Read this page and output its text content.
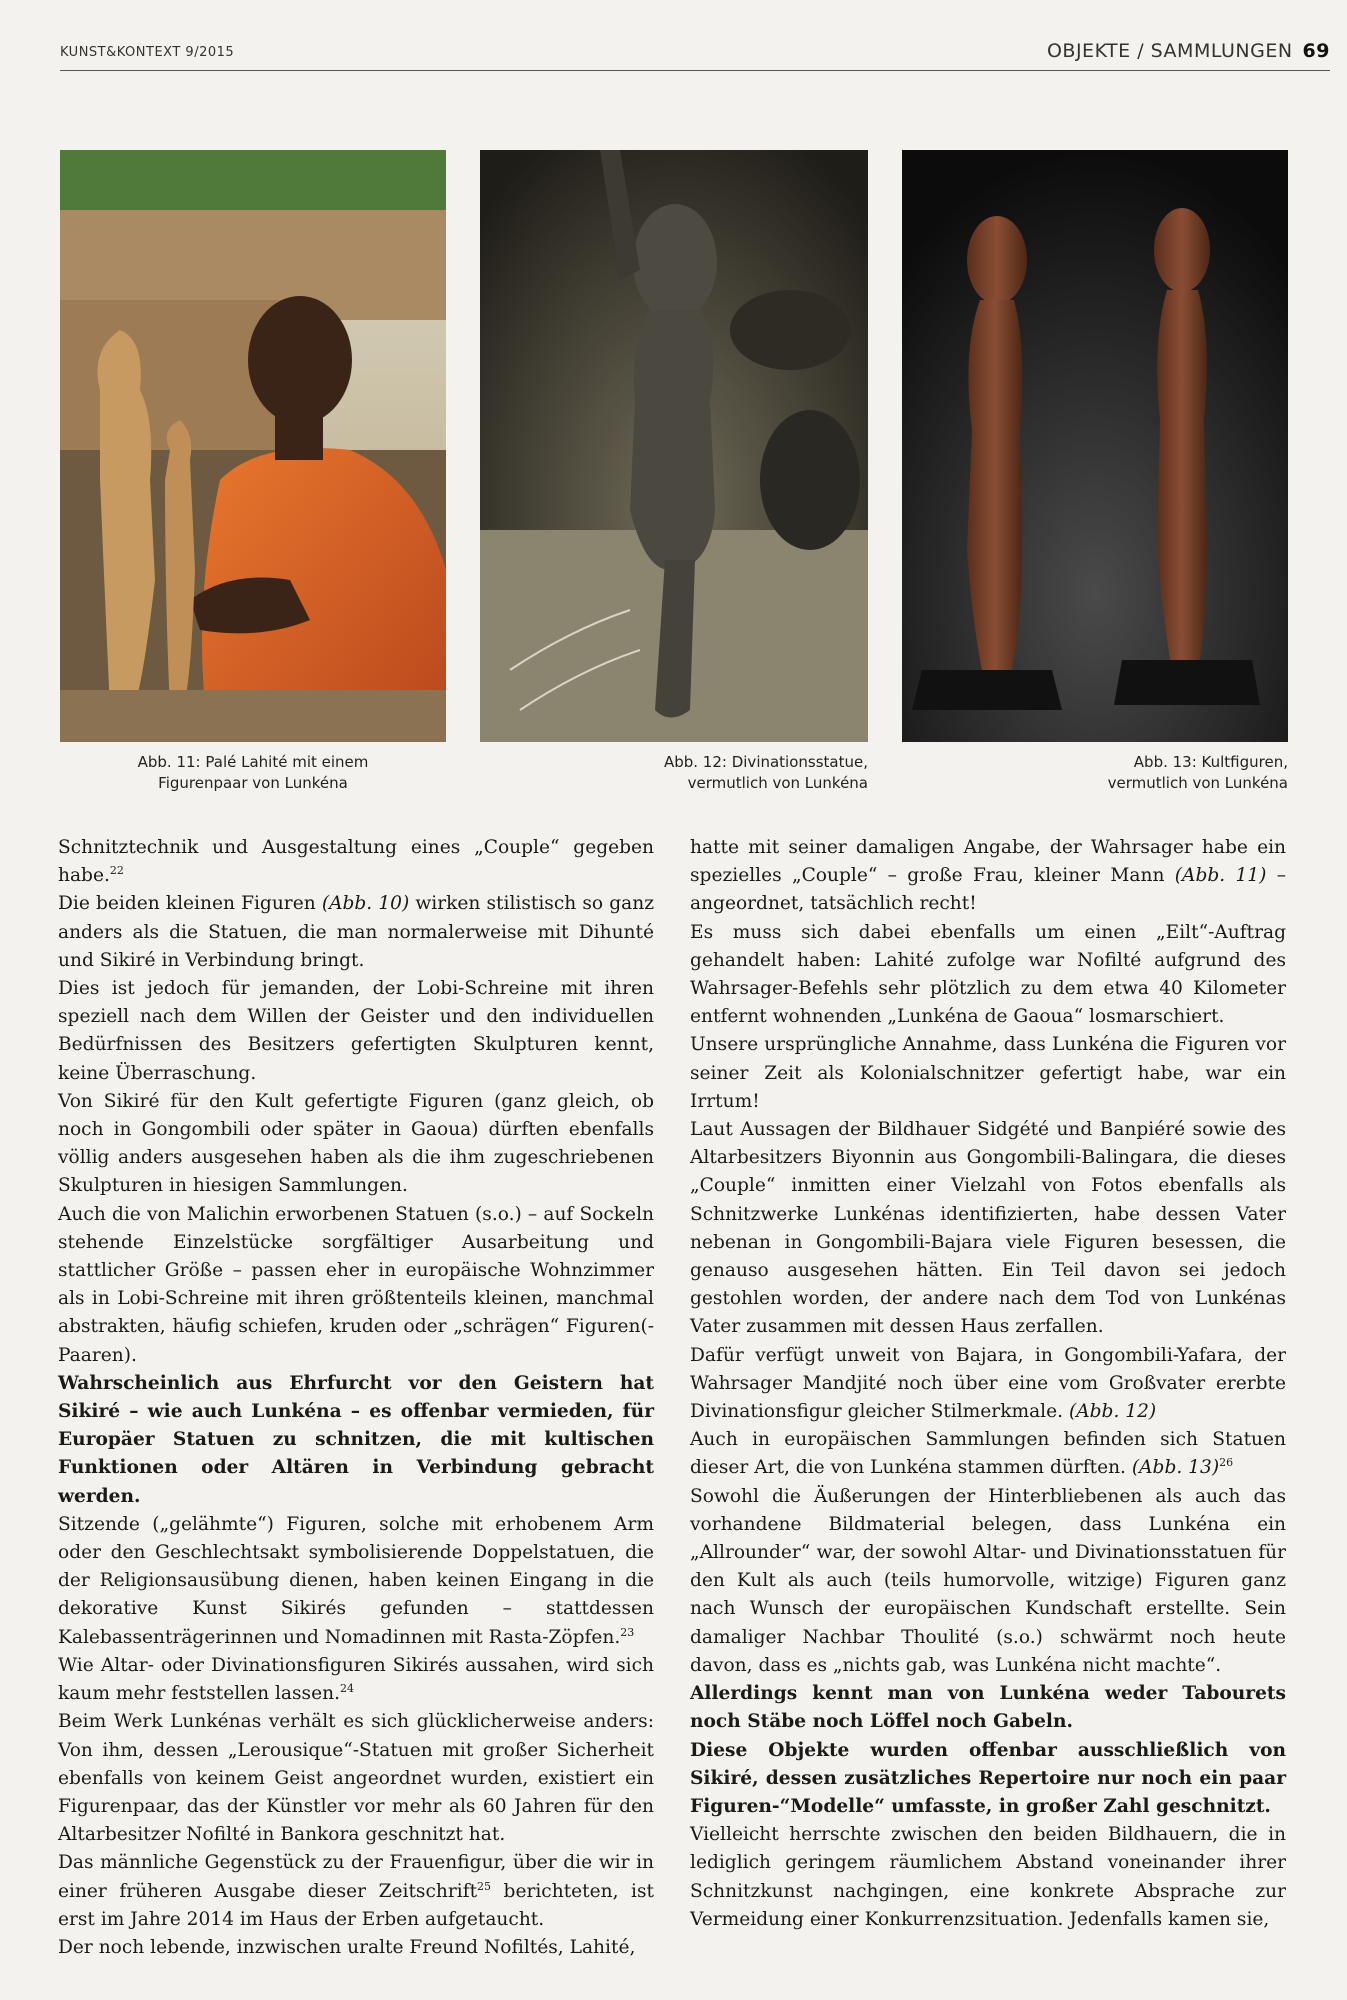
KUNST&KONTEXT 9/2015	OBJEKTE / SAMMLUNGEN 69
Abb. 11: Palé Lahité mit einem
Figurenpaar von Lunkéna
Abb. 12: Divinationsstatue,
vermutlich von Lunkéna
Abb. 13: Kultfiguren,
vermutlich von Lunkéna

Schnitztechnik und Ausgestaltung eines „Couple“ gegeben habe.$^{22}$

Die beiden kleinen Figuren (Abb. 10) wirken stilistisch so ganz anders als die Statuen, die man normalerweise mit Dihunté und Sikiré in Verbindung bringt.

Dies ist jedoch für jemanden, der Lobi-Schreine mit ihren speziell nach dem Willen der Geister und den individuellen Bedürfnissen des Besitzers gefertigten Skulpturen kennt, keine Überraschung.

Von Sikiré für den Kult gefertigte Figuren (ganz gleich, ob noch in Gongombili oder später in Gaoua) dürften ebenfalls völlig anders ausgesehen haben als die ihm zugeschriebenen Skulpturen in hiesigen Sammlungen.

Auch die von Malichin erworbenen Statuen (s.o.) – auf Sockeln stehende Einzelstücke sorgfältiger Ausarbeitung und stattlicher Größe – passen eher in europäische Wohnzimmer als in Lobi-Schreine mit ihren größtenteils kleinen, manchmal abstrakten, häufig schiefen, kruden oder „schrägen“ Figuren(-Paaren).

Wahrscheinlich aus Ehrfurcht vor den Geistern hat Sikiré – wie auch Lunkéna – es offenbar vermieden, für Europäer Statuen zu schnitzen, die mit kultischen Funktionen oder Altären in Verbindung gebracht werden.

Sitzende („gelähmte“) Figuren, solche mit erhobenem Arm oder den Geschlechtsakt symbolisierende Doppelstatuen, die der Religionsausübung dienen, haben keinen Eingang in die dekorative Kunst Sikirés gefunden – stattdessen Kalebassenträgerinnen und Nomadinnen mit Rasta-Zöpfen.$^{23}$

Wie Altar- oder Divinationsfiguren Sikirés aussahen, wird sich kaum mehr feststellen lassen.$^{24}$

Beim Werk Lunkénas verhält es sich glücklicherweise anders: Von ihm, dessen „Lerousique“-Statuen mit großer Sicherheit ebenfalls von keinem Geist angeordnet wurden, existiert ein Figurenpaar, das der Künstler vor mehr als 60 Jahren für den Altarbesitzer Nofilté in Bankora geschnitzt hat.

Das männliche Gegenstück zu der Frauenfigur, über die wir in einer früheren Ausgabe dieser Zeitschrift$^{25}$ berichteten, ist erst im Jahre 2014 im Haus der Erben aufgetaucht.

Der noch lebende, inzwischen uralte Freund Nofiltés, Lahité,

hatte mit seiner damaligen Angabe, der Wahrsager habe ein spezielles „Couple“ – große Frau, kleiner Mann (Abb. 11) – angeordnet, tatsächlich recht!

Es muss sich dabei ebenfalls um einen „Eilt“-Auftrag gehandelt haben: Lahité zufolge war Nofilté aufgrund des Wahrsager-Befehls sehr plötzlich zu dem etwa 40 Kilometer entfernt wohnenden „Lunkéna de Gaoua“ losmarschiert.

Unsere ursprüngliche Annahme, dass Lunkéna die Figuren vor seiner Zeit als Kolonialschnitzer gefertigt habe, war ein Irrtum!

Laut Aussagen der Bildhauer Sidgété und Banpiéré sowie des Altarbesitzers Biyonnin aus Gongombili-Balingara, die dieses „Couple“ inmitten einer Vielzahl von Fotos ebenfalls als Schnitzwerke Lunkénas identifizierten, habe dessen Vater nebenan in Gongombili-Bajara viele Figuren besessen, die genauso ausgesehen hätten. Ein Teil davon sei jedoch gestohlen worden, der andere nach dem Tod von Lunkénas Vater zusammen mit dessen Haus zerfallen.

Dafür verfügt unweit von Bajara, in Gongombili-Yafara, der Wahrsager Mandjité noch über eine vom Großvater ererbte Divinationsfigur gleicher Stilmerkmale. (Abb. 12)

Auch in europäischen Sammlungen befinden sich Statuen dieser Art, die von Lunkéna stammen dürften. (Abb. 13)$^{26}$

Sowohl die Äußerungen der Hinterbliebenen als auch das vorhandene Bildmaterial belegen, dass Lunkéna ein „Allrounder“ war, der sowohl Altar- und Divinationsstatuen für den Kult als auch (teils humorvolle, witzige) Figuren ganz nach Wunsch der europäischen Kundschaft erstellte. Sein damaliger Nachbar Thoulité (s.o.) schwärmt noch heute davon, dass es „nichts gab, was Lunkéna nicht machte“.

Allerdings kennt man von Lunkéna weder Tabourets noch Stäbe noch Löffel noch Gabeln.

Diese Objekte wurden offenbar ausschließlich von Sikiré, dessen zusätzliches Repertoire nur noch ein paar Figuren-“Modelle“ umfasste, in großer Zahl geschnitzt.

Vielleicht herrschte zwischen den beiden Bildhauern, die in lediglich geringem räumlichem Abstand voneinander ihrer Schnitzkunst nachgingen, eine konkrete Absprache zur Vermeidung einer Konkurrenzsituation. Jedenfalls kamen sie,
